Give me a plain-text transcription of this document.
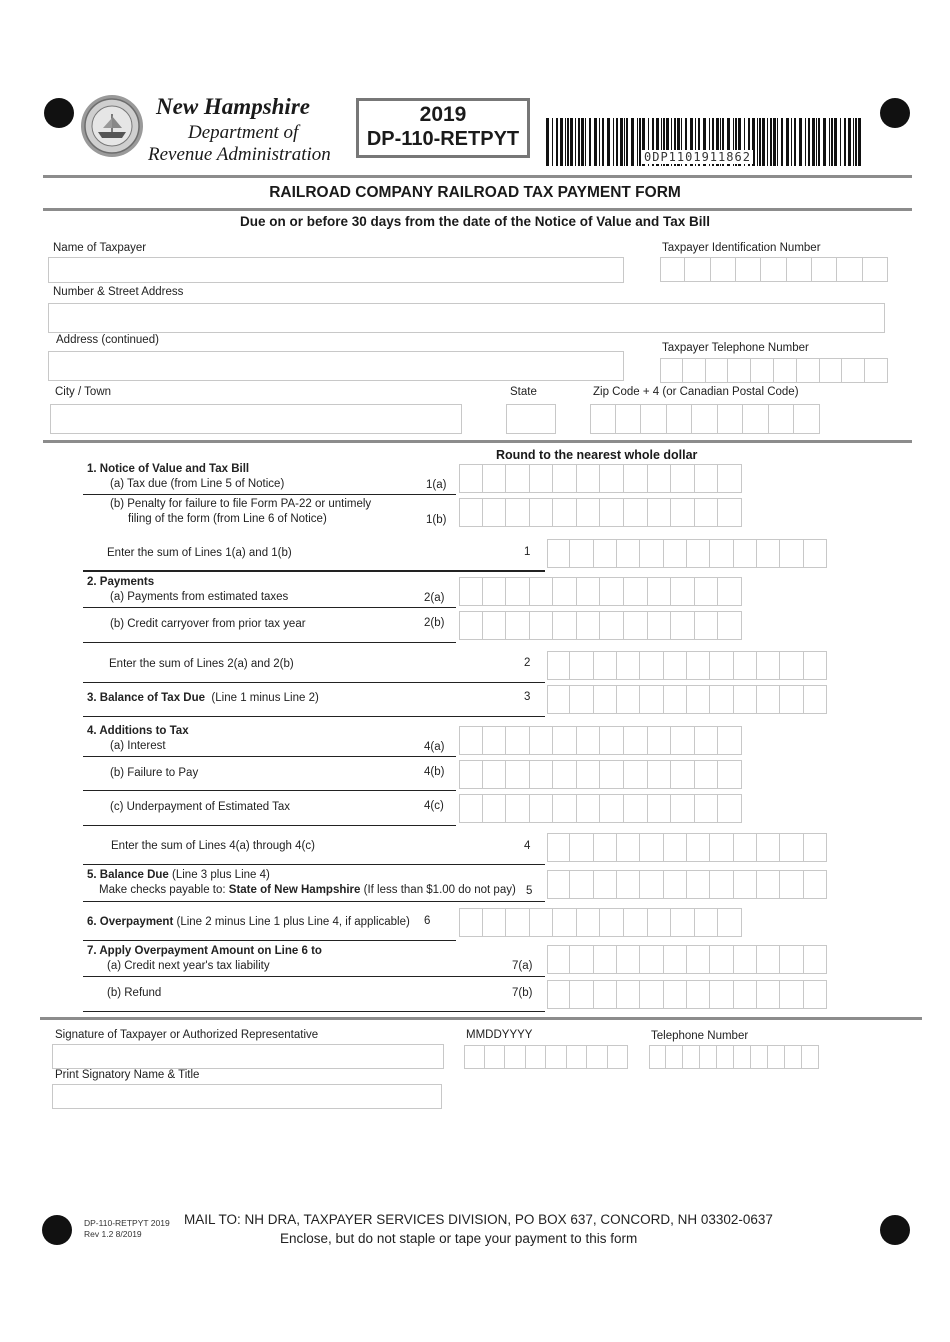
New Hampshire
Department of
Revenue Administration
2019
DP-110-RETPYT
0DP1101911862
RAILROAD COMPANY RAILROAD TAX PAYMENT FORM
Due on or before 30 days from the date of the Notice of Value and Tax Bill
Name of Taxpayer	Taxpayer Identification Number
Number & Street Address
Address (continued)
Taxpayer Telephone Number
City / Town	State	Zip Code + 4 (or Canadian Postal Code)
Round to the nearest whole dollar
1. Notice of Value and Tax Bill
(a) Tax due (from Line 5 of Notice)	1(a)
(b) Penalty for failure to file Form PA-22 or untimely
filing of the form (from Line 6 of Notice)	1(b)
Enter the sum of Lines 1(a) and 1(b)	1
2. Payments
(a) Payments from estimated taxes	2(a)
(b) Credit carryover from prior tax year	2(b)
Enter the sum of Lines 2(a) and 2(b)	2
3. Balance of Tax Due (Line 1 minus Line 2)	3
4. Additions to Tax
(a) Interest	4(a)
(b) Failure to Pay	4(b)
(c) Underpayment of Estimated Tax	4(c)
Enter the sum of Lines 4(a) through 4(c)	4
5. Balance Due (Line 3 plus Line 4)
Make checks payable to: State of New Hampshire (If less than $1.00 do not pay) 5
6. Overpayment (Line 2 minus Line 1 plus Line 4, if applicable) 6
7. Apply Overpayment Amount on Line 6 to
(a) Credit next year's tax liability	7(a)
(b) Refund	7(b)
Signature of Taxpayer or Authorized Representative	MMDDYYYY	Telephone Number
Print Signatory Name & Title
DP-110-RETPYT 2019
Rev 1.2 8/2019
MAIL TO: NH DRA, TAXPAYER SERVICES DIVISION, PO BOX 637, CONCORD, NH 03302-0637
Enclose, but do not staple or tape your payment to this form
